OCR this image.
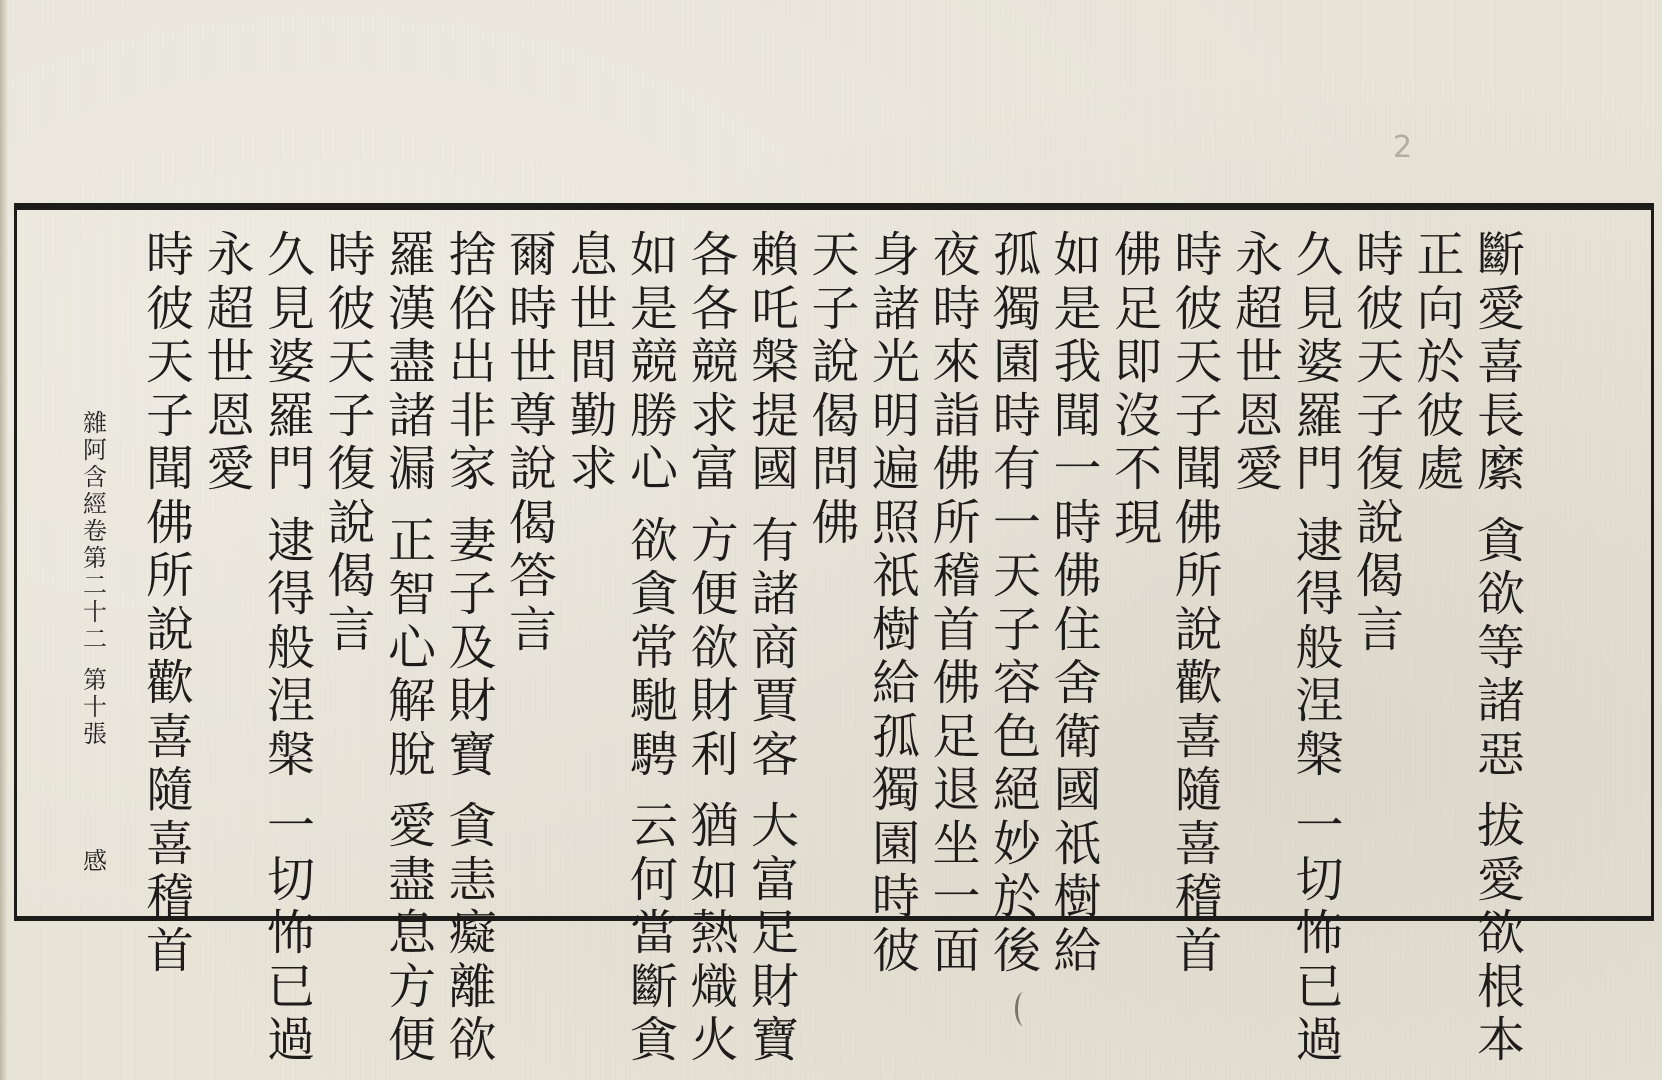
2
斷
愛
喜
長
縻
貪
欲
等
諸
惡
拔
愛
欲
根
本
正
向
於
彼
處
時
彼
天
子
復
說
偈
言
久
見
婆
羅
門
逮
得
般
涅
槃
一
切
怖
已
過
永
超
世
恩
愛
時
彼
天
子
聞
佛
所
說
歡
喜
隨
喜
稽
首
佛
足
即
沒
不
現
如
是
我
聞
一
時
佛
住
舍
衛
國
祇
樹
給
孤
獨
園
時
有
一
天
子
容
色
絕
妙
於
後
夜
時
來
詣
佛
所
稽
首
佛
足
退
坐
一
面
身
諸
光
明
遍
照
祇
樹
給
孤
獨
園
時
彼
天
子
說
偈
問
佛
賴
吒
槃
提
國
有
諸
商
賈
客
大
富
足
財
寶
各
各
競
求
富
方
便
欲
財
利
猶
如
熱
熾
火
如
是
競
勝
心
欲
貪
常
馳
騁
云
何
當
斷
貪
息
世
間
勤
求
爾
時
世
尊
說
偈
答
言
捨
俗
出
非
家
妻
子
及
財
寶
貪
恚
癡
離
欲
羅
漢
盡
諸
漏
正
智
心
解
脫
愛
盡
息
方
便
時
彼
天
子
復
說
偈
言
久
見
婆
羅
門
逮
得
般
涅
槃
一
切
怖
已
過
永
超
世
恩
愛
時
彼
天
子
聞
佛
所
說
歡
喜
隨
喜
稽
首
雜
阿
含
經
卷
第
二
十
二
第
十
張
感
